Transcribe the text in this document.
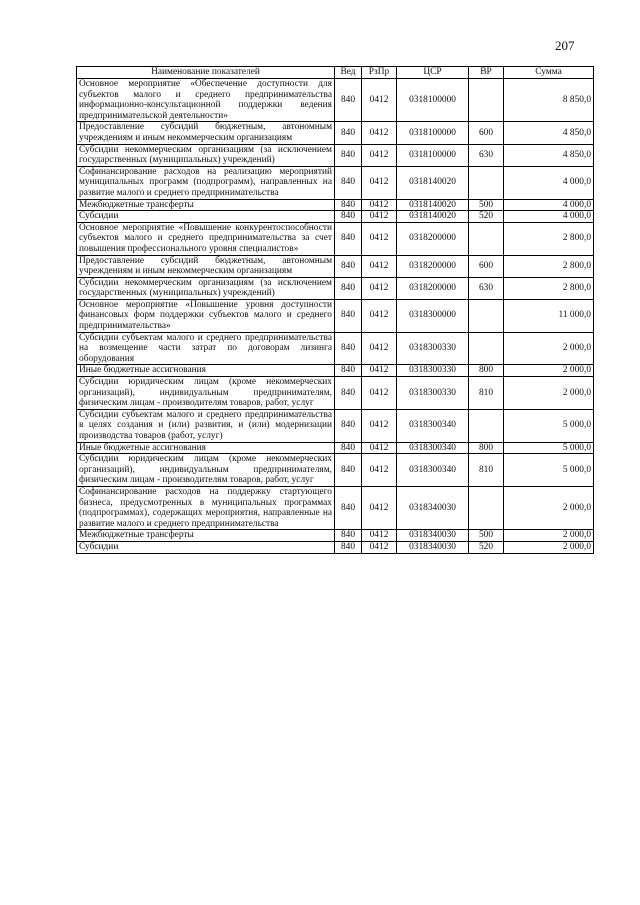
207
Наименование показателей	Вед	РзПр	ЦСР	ВР	Сумма
Основное мероприятие «Обеспечение доступности для субъектов малого и среднего предпринимательства информационно-консультационной поддержки ведения предпринимательской деятельности»	840	0412	0318100000		8 850,0
Предоставление субсидий бюджетным, автономным учреждениям и иным некоммерческим организациям	840	0412	0318100000	600	4 850,0
Субсидии некоммерческим организациям (за исключением государственных (муниципальных) учреждений)	840	0412	0318100000	630	4 850,0
Софинансирование расходов на реализацию мероприятий муниципальных программ (подпрограмм), направленных на развитие малого и среднего предпринимательства	840	0412	0318140020		4 000,0
Межбюджетные трансферты	840	0412	0318140020	500	4 000,0
Субсидии	840	0412	0318140020	520	4 000,0
Основное мероприятие «Повышение конкурентоспособности субъектов малого и среднего предпринимательства за счет повышения профессионального уровня специалистов»	840	0412	0318200000		2 800,0
Предоставление субсидий бюджетным, автономным учреждениям и иным некоммерческим организациям	840	0412	0318200000	600	2 800,0
Субсидии некоммерческим организациям (за исключением государственных (муниципальных) учреждений)	840	0412	0318200000	630	2 800,0
Основное мероприятие «Повышение уровня доступности финансовых форм поддержки субъектов малого и среднего предпринимательства»	840	0412	0318300000		11 000,0
Субсидии субъектам малого и среднего предпринимательства на возмещение части затрат по договорам лизинга оборудования	840	0412	0318300330		2 000,0
Иные бюджетные ассигнования	840	0412	0318300330	800	2 000,0
Субсидии юридическим лицам (кроме некоммерческих организаций), индивидуальным предпринимателям, физическим лицам - производителям товаров, работ, услуг	840	0412	0318300330	810	2 000,0
Субсидии субъектам малого и среднего предпринимательства в целях создания и (или) развития, и (или) модернизации производства товаров (работ, услуг)	840	0412	0318300340		5 000,0
Иные бюджетные ассигнования	840	0412	0318300340	800	5 000,0
Субсидии юридическим лицам (кроме некоммерческих организаций), индивидуальным предпринимателям, физическим лицам - производителям товаров, работ, услуг	840	0412	0318300340	810	5 000,0
Софинансирование расходов на поддержку стартующего бизнеса, предусмотренных в муниципальных программах (подпрограммах), содержащих мероприятия, направленные на развитие малого и среднего предпринимательства	840	0412	0318340030		2 000,0
Межбюджетные трансферты	840	0412	0318340030	500	2 000,0
Субсидии	840	0412	0318340030	520	2 000,0
